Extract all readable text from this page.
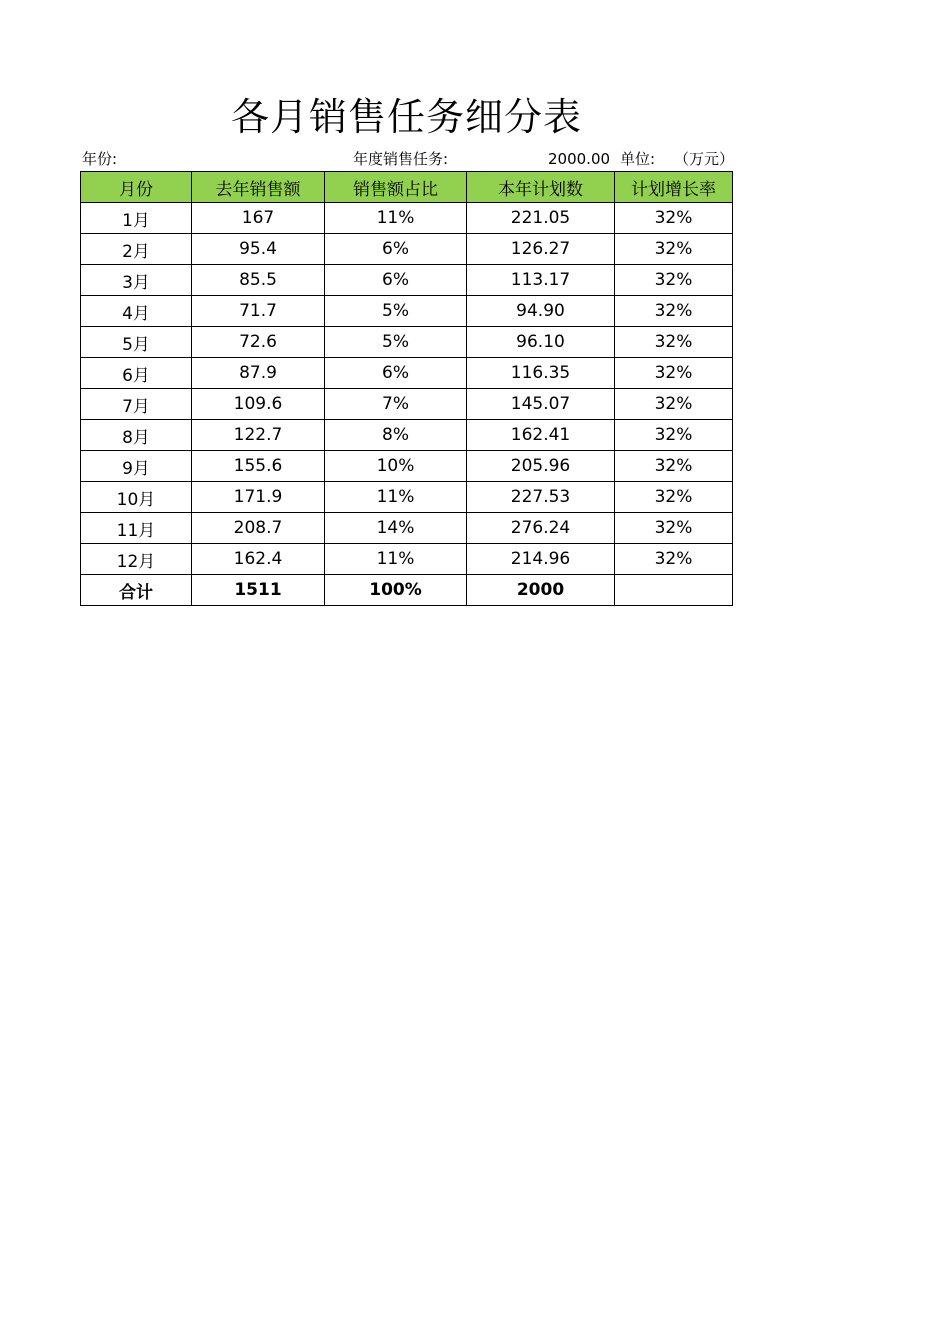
各月销售任务细分表
年份:	年度销售任务:	2000.00 单位: （万元）
月份	去年销售额	销售额占比	本年计划数	计划增长率
1月	167	11%	221.05	32%
2月	95.4	6%	126.27	32%
3月	85.5	6%	113.17	32%
4月	71.7	5%	94.90	32%
5月	72.6	5%	96.10	32%
6月	87.9	6%	116.35	32%
7月	109.6	7%	145.07	32%
8月	122.7	8%	162.41	32%
9月	155.6	10%	205.96	32%
10月	171.9	11%	227.53	32%
11月	208.7	14%	276.24	32%
12月	162.4	11%	214.96	32%
合计	1511	100%	2000	
